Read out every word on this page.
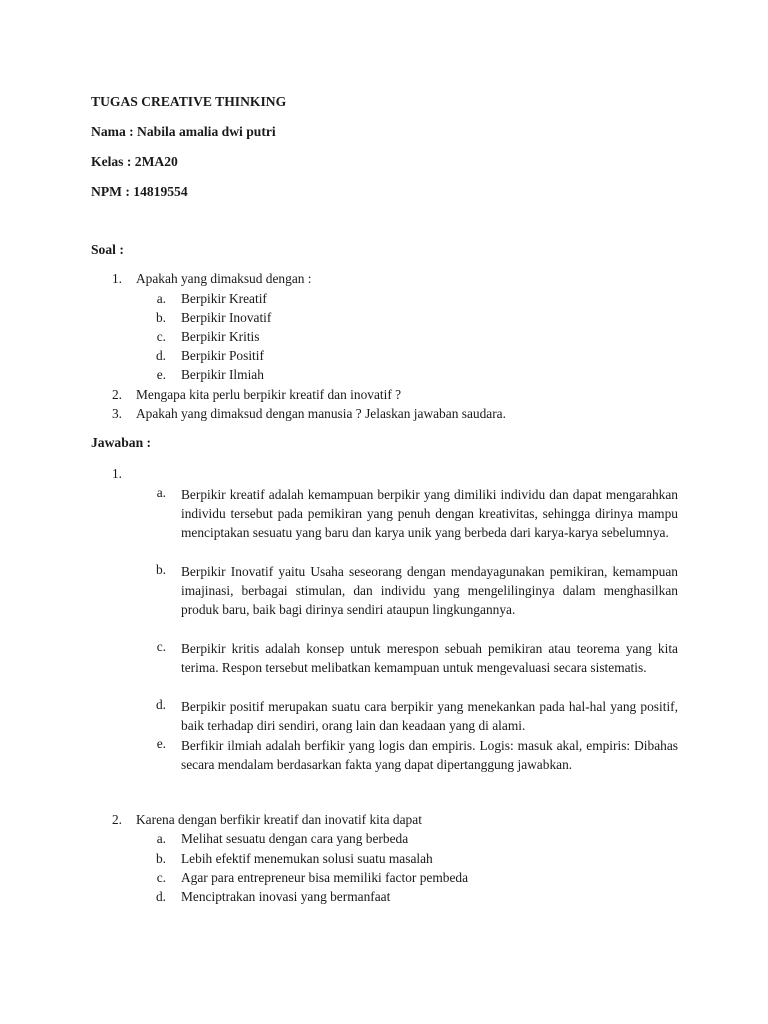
TUGAS CREATIVE THINKING
Nama : Nabila amalia dwi putri
Kelas : 2MA20
NPM : 14819554
Soal :
1. Apakah yang dimaksud dengan :
a. Berpikir Kreatif
b. Berpikir Inovatif
c. Berpikir Kritis
d. Berpikir Positif
e. Berpikir Ilmiah
2. Mengapa kita perlu berpikir kreatif dan inovatif ?
3. Apakah yang dimaksud dengan manusia ? Jelaskan jawaban saudara.
Jawaban :
1.
a. Berpikir kreatif adalah kemampuan berpikir yang dimiliki individu dan dapat mengarahkan individu tersebut pada pemikiran yang penuh dengan kreativitas, sehingga dirinya mampu menciptakan sesuatu yang baru dan karya unik yang berbeda dari karya-karya sebelumnya.
b. Berpikir Inovatif yaitu Usaha seseorang dengan mendayagunakan pemikiran, kemampuan imajinasi, berbagai stimulan, dan individu yang mengelilinginya dalam menghasilkan produk baru, baik bagi dirinya sendiri ataupun lingkungannya.
c. Berpikir kritis adalah konsep untuk merespon sebuah pemikiran atau teorema yang kita terima. Respon tersebut melibatkan kemampuan untuk mengevaluasi secara sistematis.
d. Berpikir positif merupakan suatu cara berpikir yang menekankan pada hal-hal yang positif, baik terhadap diri sendiri, orang lain dan keadaan yang di alami.
e. Berfikir ilmiah adalah berfikir yang logis dan empiris. Logis: masuk akal, empiris: Dibahas secara mendalam berdasarkan fakta yang dapat dipertanggung jawabkan.
2. Karena dengan berfikir kreatif dan inovatif kita dapat
a. Melihat sesuatu dengan cara yang berbeda
b. Lebih efektif menemukan solusi suatu masalah
c. Agar para entrepreneur bisa memiliki factor pembeda
d. Menciptrakan inovasi yang bermanfaat
